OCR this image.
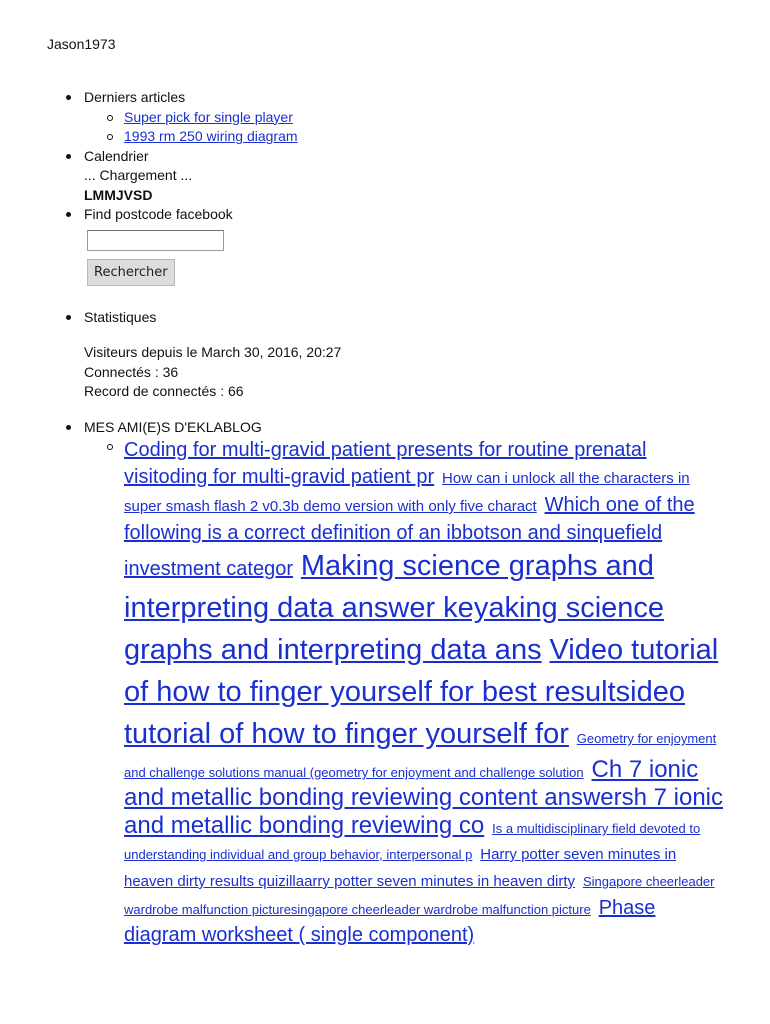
Jason1973
Derniers articles
Super pick for single player
1993 rm 250 wiring diagram
Calendrier
... Chargement ...
LMMJVSD
Find postcode facebook
Rechercher
Statistiques
Visiteurs depuis le March 30, 2016, 20:27
Connectés : 36
Record de connectés : 66
MES AMI(E)S D'EKLABLOG
Coding for multi-gravid patient presents for routine prenatal visitoding for multi-gravid patient pr How can i unlock all the characters in super smash flash 2 v0.3b demo version with only five charact Which one of the following is a correct definition of an ibbotson and sinquefield investment categor Making science graphs and interpreting data answer keyaking science graphs and interpreting data ans Video tutorial of how to finger yourself for best resultsideo tutorial of how to finger yourself for Geometry for enjoyment and challenge solutions manual (geometry for enjoyment and challenge solution Ch 7 ionic and metallic bonding reviewing content answersh 7 ionic and metallic bonding reviewing co Is a multidisciplinary field devoted to understanding individual and group behavior, interpersonal p Harry potter seven minutes in heaven dirty results quizillaarry potter seven minutes in heaven dirty Singapore cheerleader wardrobe malfunction picturesingapore cheerleader wardrobe malfunction picture Phase diagram worksheet ( single component)
